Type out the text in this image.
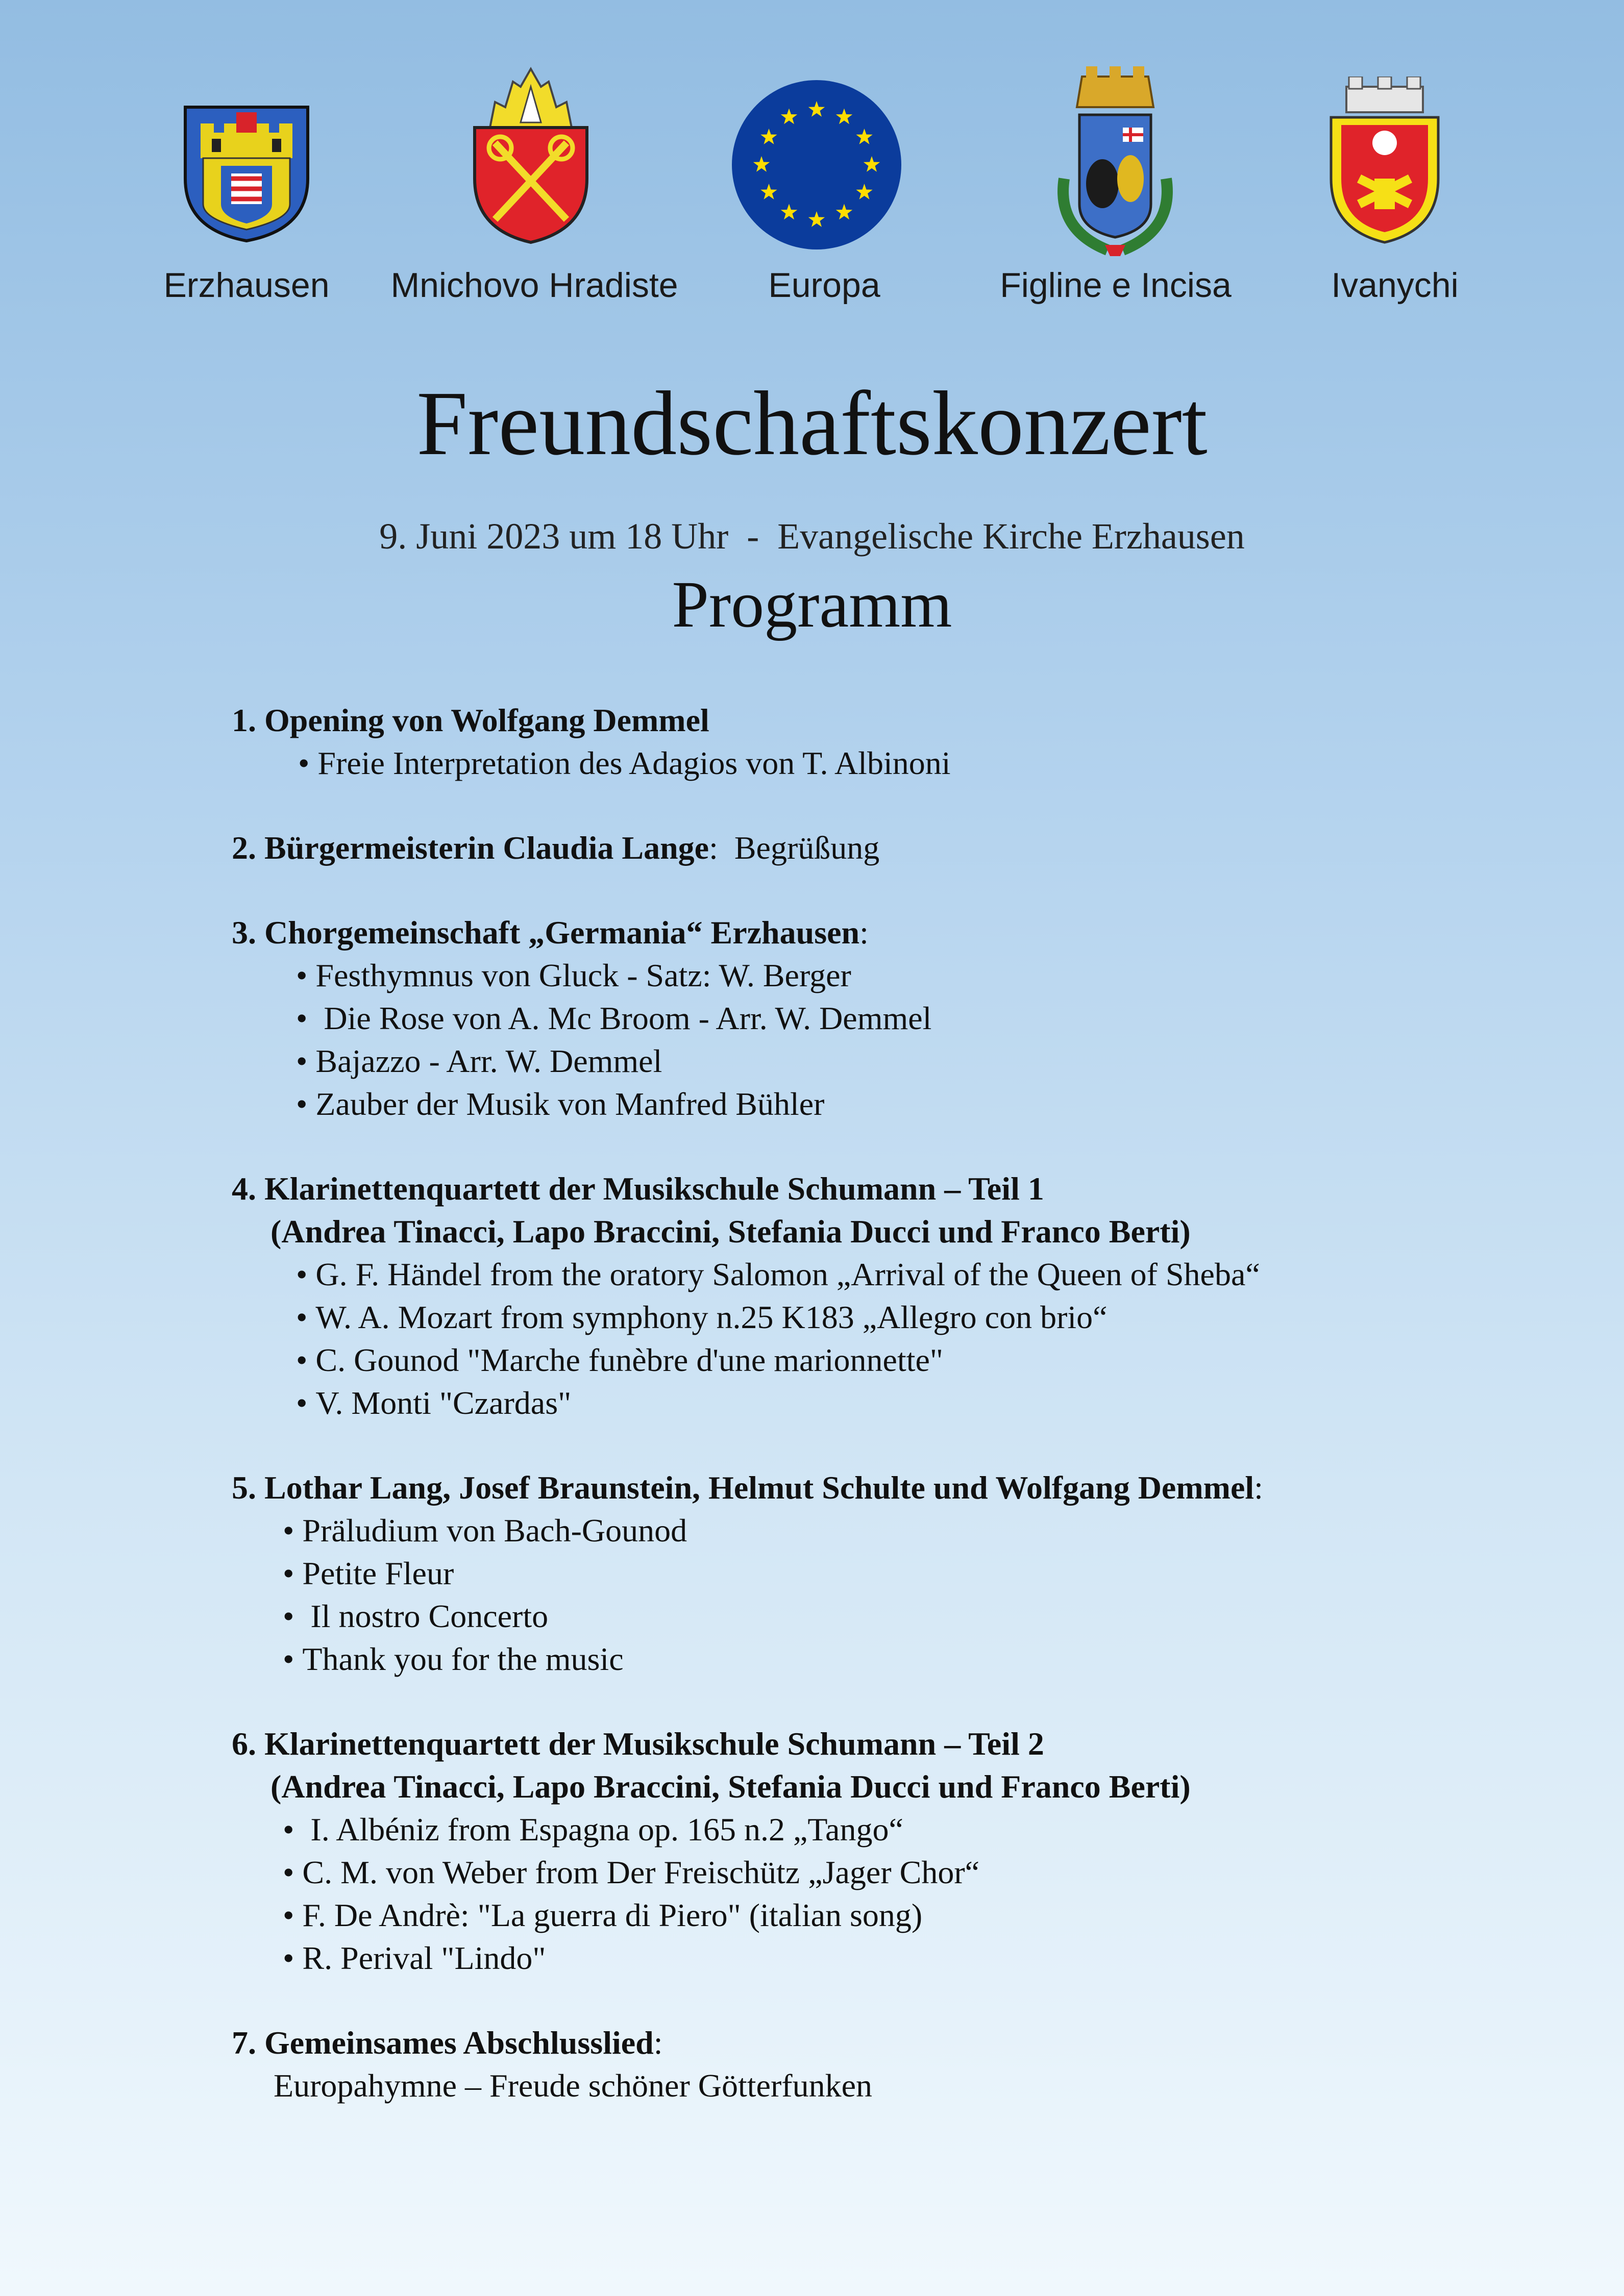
Erzhausen	Mnichovo Hradiste	Europa	Figline e Incisa	Ivanychi
Freundschaftskonzert
9. Juni 2023 um 18 Uhr  -  Evangelische Kirche Erzhausen
Programm
1. Opening von Wolfgang Demmel
• Freie Interpretation des Adagios von T. Albinoni
2. Bürgermeisterin Claudia Lange:  Begrüßung
3. Chorgemeinschaft „Germania“ Erzhausen:
• Festhymnus von Gluck - Satz: W. Berger
•  Die Rose von A. Mc Broom - Arr. W. Demmel
• Bajazzo - Arr. W. Demmel
• Zauber der Musik von Manfred Bühler
4. Klarinettenquartett der Musikschule Schumann – Teil 1
(Andrea Tinacci, Lapo Braccini, Stefania Ducci und Franco Berti)
• G. F. Händel from the oratory Salomon „Arrival of the Queen of Sheba“
• W. A. Mozart from symphony n.25 K183 „Allegro con brio“
• C. Gounod "Marche funèbre d'une marionnette"
• V. Monti "Czardas"
5. Lothar Lang, Josef Braunstein, Helmut Schulte und Wolfgang Demmel:
• Präludium von Bach-Gounod
• Petite Fleur
•  Il nostro Concerto
• Thank you for the music
6. Klarinettenquartett der Musikschule Schumann – Teil 2
(Andrea Tinacci, Lapo Braccini, Stefania Ducci und Franco Berti)
•  I. Albéniz from Espagna op. 165 n.2 „Tango“
• C. M. von Weber from Der Freischütz „Jager Chor“
• F. De Andrè: "La guerra di Piero" (italian song)
• R. Perival "Lindo"
7. Gemeinsames Abschlusslied:
Europahymne – Freude schöner Götterfunken
